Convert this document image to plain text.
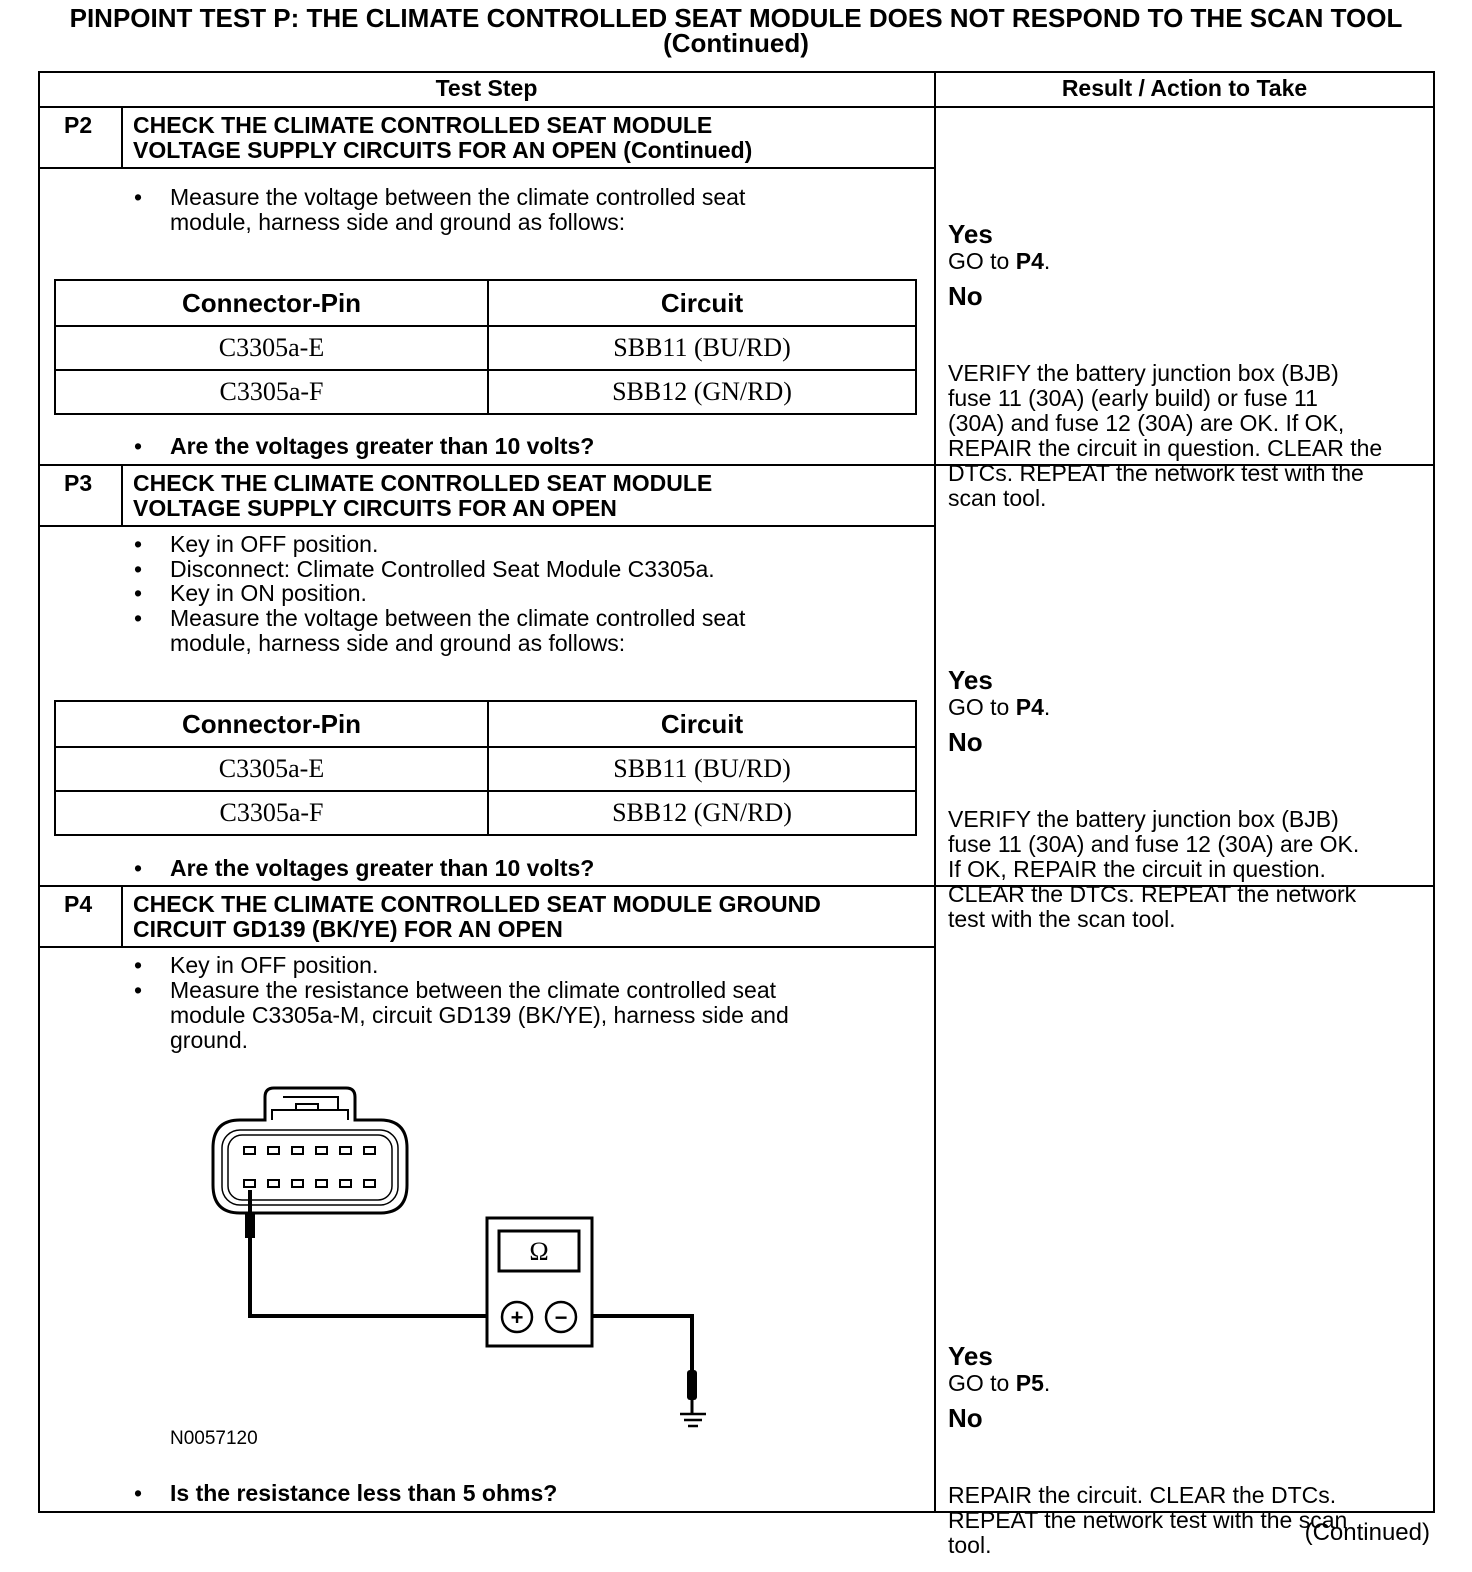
PINPOINT TEST P: THE CLIMATE CONTROLLED SEAT MODULE DOES NOT RESPOND TO THE SCAN TOOL (Continued)
Test Step	Result / Action to Take
P2 CHECK THE CLIMATE CONTROLLED SEAT MODULE
VOLTAGE SUPPLY CIRCUITS FOR AN OPEN (Continued)
• Measure the voltage between the climate controlled seat
module, harness side and ground as follows:
Connector-Pin	Circuit
C3305a-E	SBB11 (BU/RD)
C3305a-F	SBB12 (GN/RD)
• Are the voltages greater than 10 volts?
Yes
GO to P4.
No

VERIFY the battery junction box (BJB)
fuse 11 (30A) (early build) or fuse 11
(30A) and fuse 12 (30A) are OK. If OK,
REPAIR the circuit in question. CLEAR the
DTCs. REPEAT the network test with the
scan tool.
P3 CHECK THE CLIMATE CONTROLLED SEAT MODULE
VOLTAGE SUPPLY CIRCUITS FOR AN OPEN
• Key in OFF position.
• Disconnect: Climate Controlled Seat Module C3305a.
• Key in ON position.
• Measure the voltage between the climate controlled seat
module, harness side and ground as follows:
Connector-Pin	Circuit
C3305a-E	SBB11 (BU/RD)
C3305a-F	SBB12 (GN/RD)
• Are the voltages greater than 10 volts?
Yes
GO to P4.
No

VERIFY the battery junction box (BJB)
fuse 11 (30A) and fuse 12 (30A) are OK.
If OK, REPAIR the circuit in question.
CLEAR the DTCs. REPEAT the network
test with the scan tool.
P4 CHECK THE CLIMATE CONTROLLED SEAT MODULE GROUND
CIRCUIT GD139 (BK/YE) FOR AN OPEN
• Key in OFF position.
• Measure the resistance between the climate controlled seat
module C3305a-M, circuit GD139 (BK/YE), harness side and
ground.
Ω
+ −
N0057120
• Is the resistance less than 5 ohms?
Yes
GO to P5.
No

REPAIR the circuit. CLEAR the DTCs.
REPEAT the network test with the scan
tool.	(Continued)
